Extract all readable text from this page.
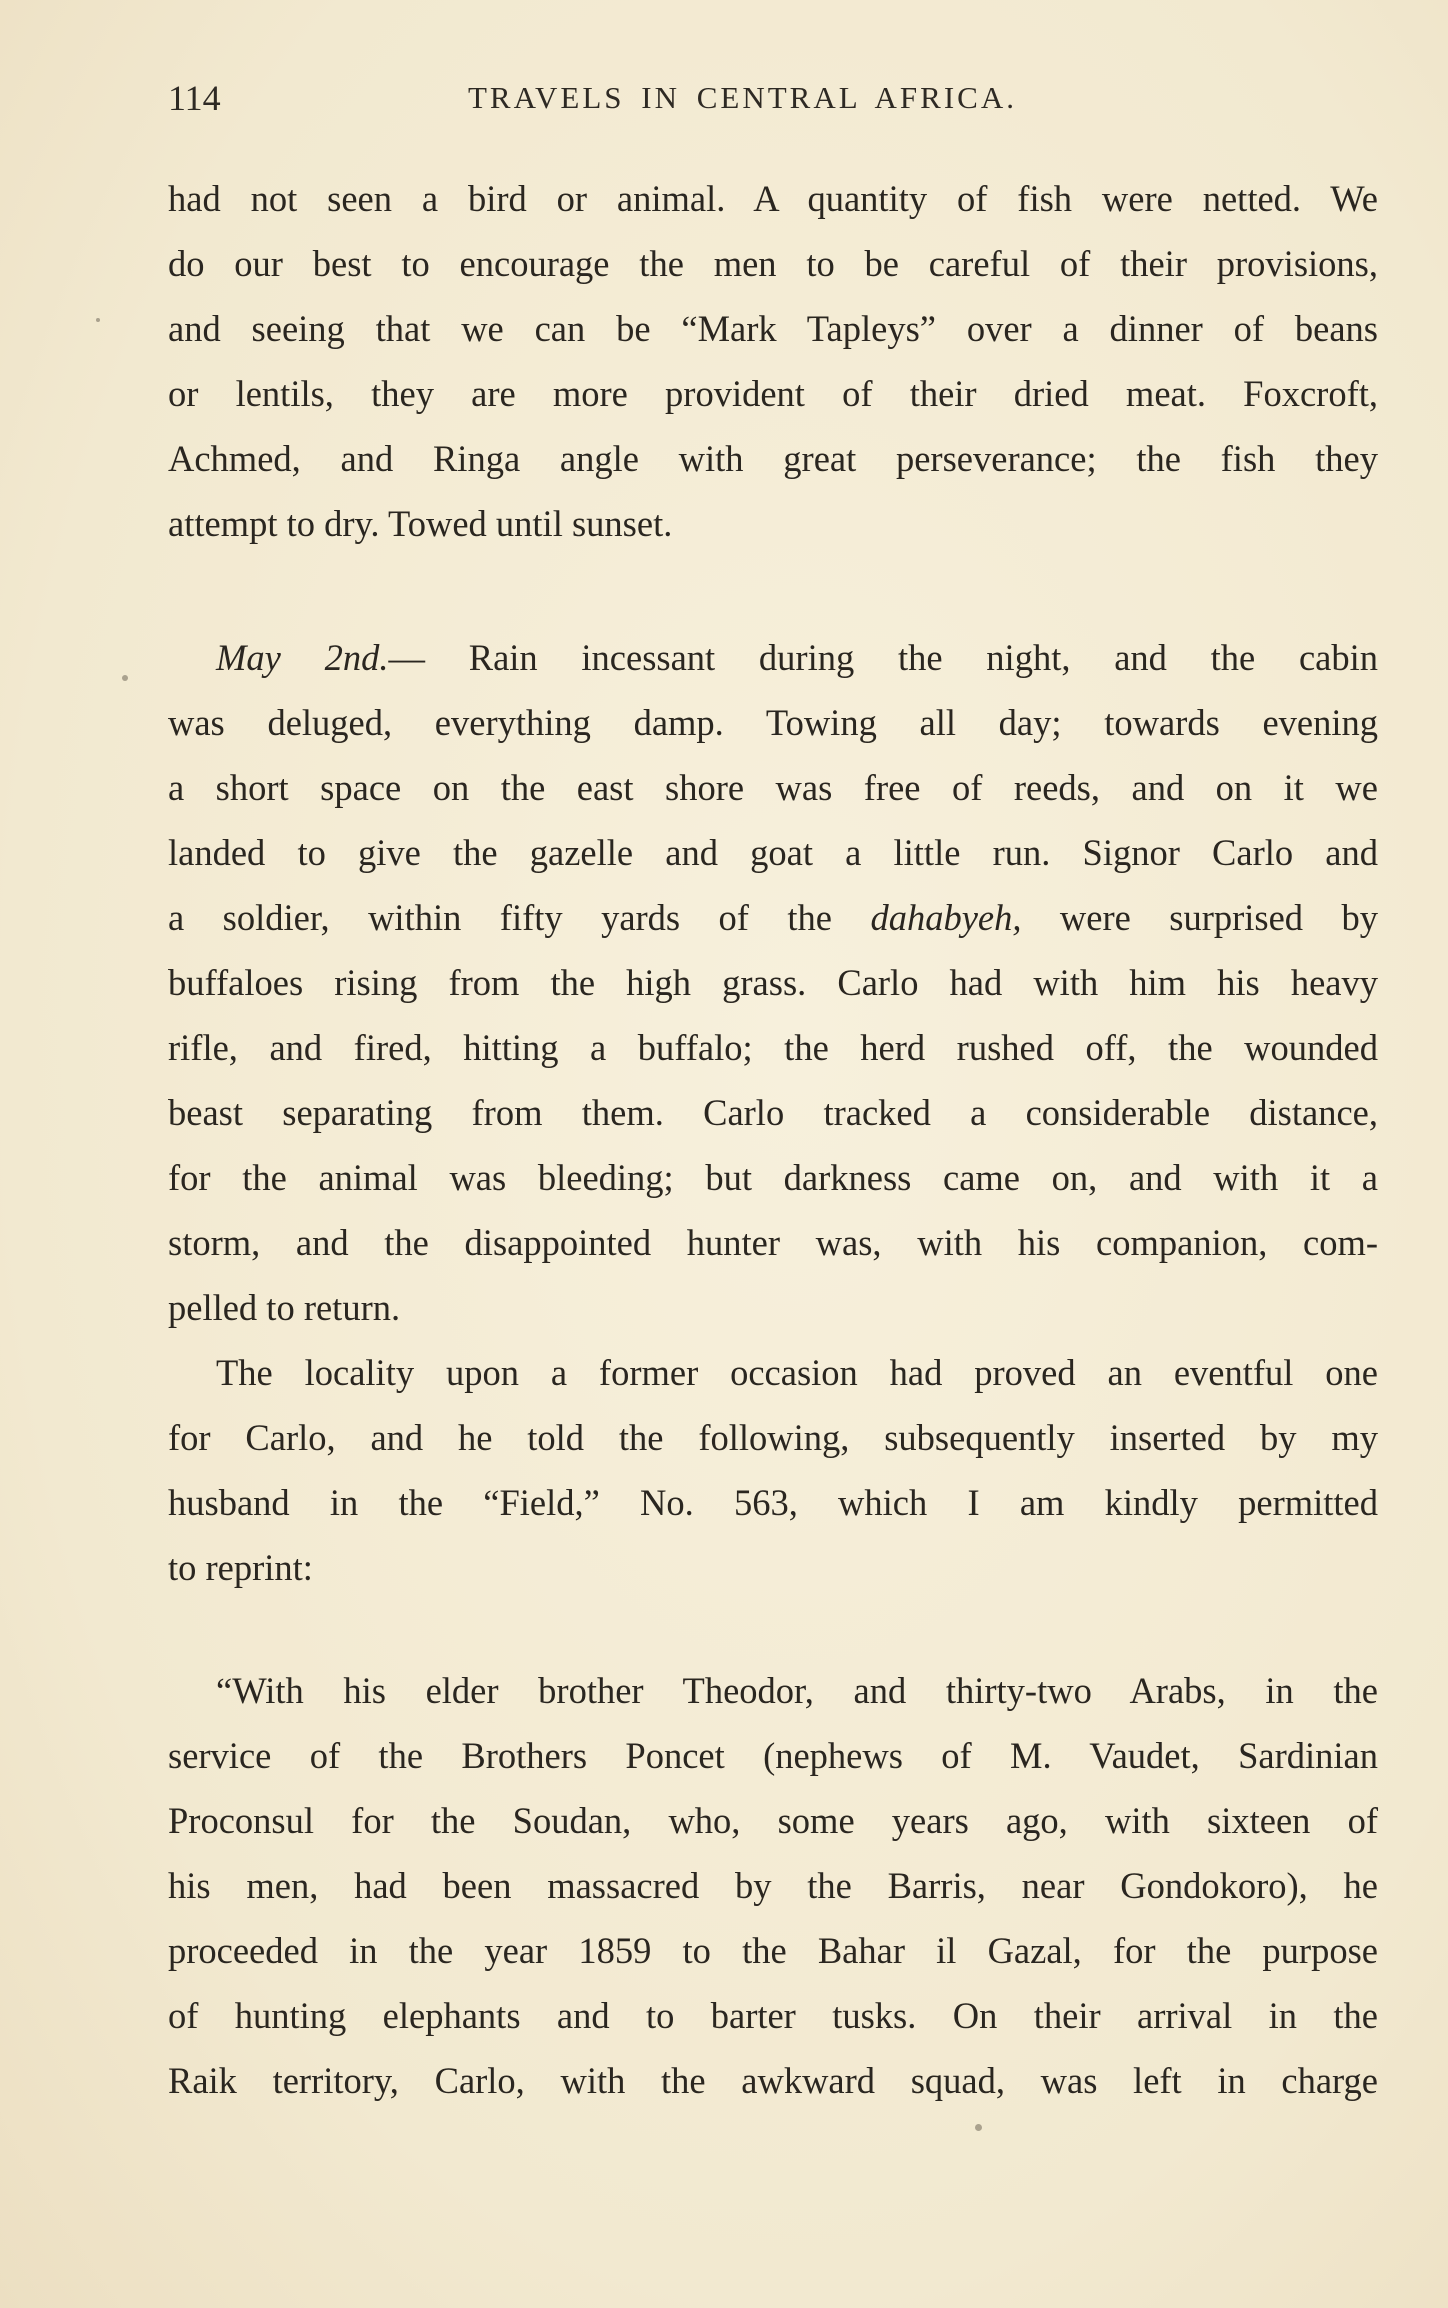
114	TRAVELS IN CENTRAL AFRICA.
had not seen a bird or animal. A quantity of fish were netted. We
do our best to encourage the men to be careful of their provisions,
and seeing that we can be “Mark Tapleys” over a dinner of beans
or lentils, they are more provident of their dried meat. Foxcroft,
Achmed, and Ringa angle with great perseverance; the fish they
attempt to dry. Towed until sunset.
May 2nd.— Rain incessant during the night, and the cabin
was deluged, everything damp. Towing all day; towards evening
a short space on the east shore was free of reeds, and on it we
landed to give the gazelle and goat a little run. Signor Carlo and
a soldier, within fifty yards of the dahabyeh, were surprised by
buffaloes rising from the high grass. Carlo had with him his heavy
rifle, and fired, hitting a buffalo; the herd rushed off, the wounded
beast separating from them. Carlo tracked a considerable distance,
for the animal was bleeding; but darkness came on, and with it a
storm, and the disappointed hunter was, with his companion, com-
pelled to return.
The locality upon a former occasion had proved an eventful one
for Carlo, and he told the following, subsequently inserted by my
husband in the “Field,” No. 563, which I am kindly permitted
to reprint:
“With his elder brother Theodor, and thirty-two Arabs, in the
service of the Brothers Poncet (nephews of M. Vaudet, Sardinian
Proconsul for the Soudan, who, some years ago, with sixteen of
his men, had been massacred by the Barris, near Gondokoro), he
proceeded in the year 1859 to the Bahar il Gazal, for the purpose
of hunting elephants and to barter tusks. On their arrival in the
Raik territory, Carlo, with the awkward squad, was left in charge
